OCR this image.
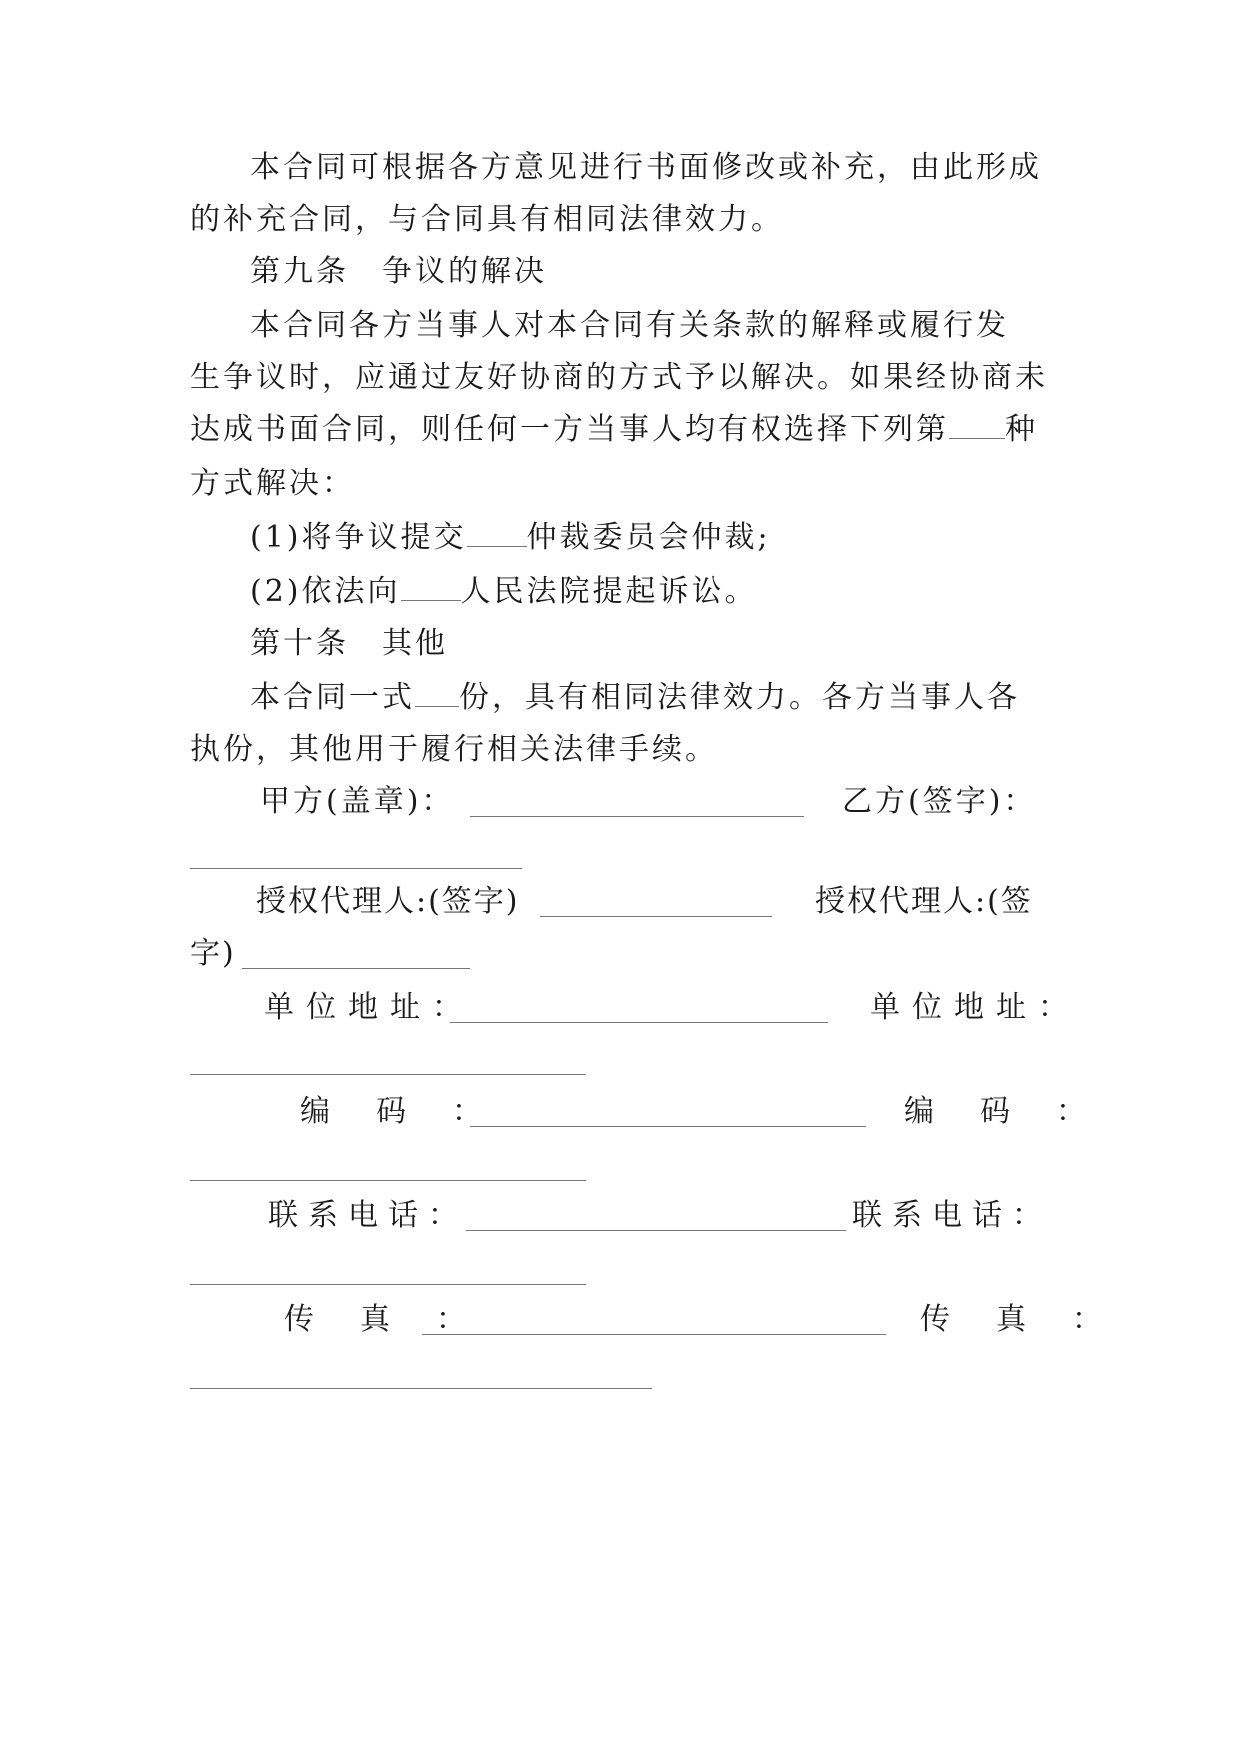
本合同可根据各方意见进行书面修改或补充，由此形成
的补充合同，与合同具有相同法律效力。
第九条　争议的解决
本合同各方当事人对本合同有关条款的解释或履行发
生争议时，应通过友好协商的方式予以解决。如果经协商未
达成书面合同，则任何一方当事人均有权选择下列第 种
方式解决：
(1)将争议提交 仲裁委员会仲裁;
(2)依法向 人民法院提起诉讼。
第十条　其他
本合同一式 份，具有相同法律效力。各方当事人各
执份，其他用于履行相关法律手续。
甲方(盖章)：	乙方(签字)：
授权代理人:(签字)	授权代理人:(签
字)
单位地址：	单位地址：
编　码　：	编　码　：
联系电话：	联系电话：
传　真　：	传　真　：
